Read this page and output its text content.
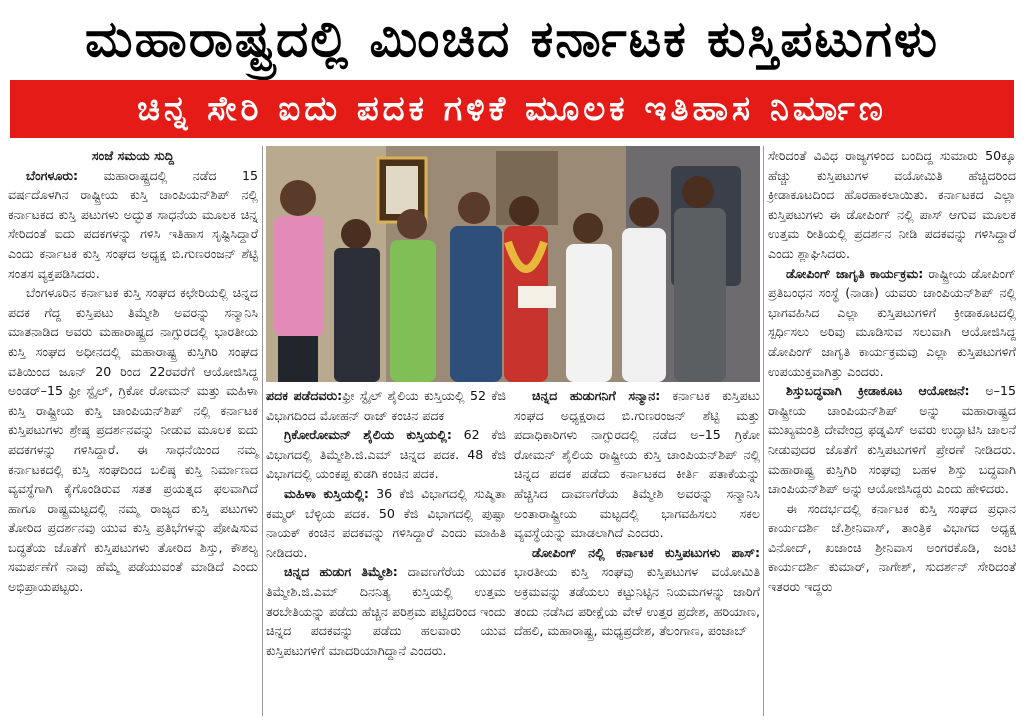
ಮಹಾರಾಷ್ಟ್ರದಲ್ಲಿ ಮಿಂಚಿದ ಕರ್ನಾಟಕ ಕುಸ್ತಿಪಟುಗಳು
ಚಿನ್ನ ಸೇರಿ ಐದು ಪದಕ ಗಳಿಕೆ ಮೂಲಕ ಇತಿಹಾಸ ನಿರ್ಮಾಣ

ಸಂಜೆ ಸಮಯ ಸುದ್ದಿ

ಬೆಂಗಳೂರು: ಮಹಾರಾಷ್ಟ್ರದಲ್ಲಿ ನಡೆದ 15 ವರ್ಷದೊಳಗಿನ ರಾಷ್ಟ್ರೀಯ ಕುಸ್ತಿ ಚಾಂಪಿಯನ್‌ಶಿಪ್ ನಲ್ಲಿ ಕರ್ನಾಟಕದ ಕುಸ್ತಿ ಪಟುಗಳು ಅದ್ಭುತ ಸಾಧನೆಯ ಮೂಲಕ ಚಿನ್ನ ಸೇರಿದಂತೆ ಐದು ಪದಕಗಳನ್ನು ಗಳಿಸಿ ಇತಿಹಾಸ ಸೃಷ್ಟಿಸಿದ್ದಾರೆ ಎಂದು ಕರ್ನಾಟಕ ಕುಸ್ತಿ ಸಂಘದ ಅಧ್ಯಕ್ಷ ಬಿ.ಗುಣರಂಜನ್ ಶೆಟ್ಟಿ ಸಂತಸ ವ್ಯಕ್ತಪಡಿಸಿದರು.

ಬೆಂಗಳೂರಿನ ಕರ್ನಾಟಕ ಕುಸ್ತಿ ಸಂಘದ ಕಛೇರಿಯಲ್ಲಿ ಚಿನ್ನದ ಪದಕ ಗೆದ್ದ ಕುಸ್ತಿಪಟು ತಿಮ್ಮೇಶಿ ಅವರನ್ನು ಸನ್ಮಾನಿಸಿ ಮಾತನಾಡಿದ ಅವರು ಮಹಾರಾಷ್ಟ್ರದ ನಾಗ್ಪುರದಲ್ಲಿ ಭಾರತೀಯ ಕುಸ್ತಿ ಸಂಘದ ಅಧೀನದಲ್ಲಿ ಮಹಾರಾಷ್ಟ್ರ ಕುಸ್ತಿಗಿರಿ ಸಂಘದ ವತಿಯಿಂದ ಜೂನ್ 20 ರಿಂದ 22ರವರೆಗೆ ಆಯೋಜಿಸಿದ್ದ ಅಂಡರ್–15 ಫ್ರೀ ಸ್ಟೈಲ್, ಗ್ರಿಕೋ ರೋಮನ್ ಮತ್ತು ಮಹಿಳಾ ಕುಸ್ತಿ ರಾಷ್ಟ್ರೀಯ ಕುಸ್ತಿ ಚಾಂಪಿಯನ್‌ಶಿಪ್ ನಲ್ಲಿ ಕರ್ನಾಟಕ ಕುಸ್ತಿಪಟುಗಳು ಶ್ರೇಷ್ಠ ಪ್ರದರ್ಶನವನ್ನು ನೀಡುವ ಮೂಲಕ ಐದು ಪದಕಗಳನ್ನು ಗಳಿಸಿದ್ದಾರೆ. ಈ ಸಾಧನೆಯಿಂದ ನಮ್ಮ ಕರ್ನಾಟಕದಲ್ಲಿ ಕುಸ್ತಿ ಸಂಘದಿಂದ ಬಲಿಷ್ಠ ಕುಸ್ತಿ ನಿರ್ಮಾಣದ ವ್ಯವಸ್ಥೆಗಾಗಿ ಕೈಗೊಂಡಿರುವ ಸತತ ಪ್ರಯತ್ನದ ಫಲವಾಗಿದೆ ಹಾಗೂ ರಾಷ್ಟ್ರಮಟ್ಟದಲ್ಲಿ ನಮ್ಮ ರಾಜ್ಯದ ಕುಸ್ತಿ ಪಟುಗಳು ತೋರಿದ ಪ್ರದರ್ಶನವು ಯುವ ಕುಸ್ತಿ ಪ್ರತಿಭೆಗಳನ್ನು ಪೋಷಿಸುವ ಬದ್ಧತೆಯ ಜೊತೆಗೆ ಕುಸ್ತಿಪಟುಗಳು ತೋರಿದ ಶಿಸ್ತು, ಕೌಶಲ್ಯ ಸಮರ್ಪಣೆಗೆ ನಾವು ಹೆಮ್ಮೆ ಪಡೆಯುವಂತೆ ಮಾಡಿದೆ ಎಂದು ಅಭಿಪ್ರಾಯಪಟ್ಟರು.

ಪದಕ ಪಡೆದವರು:ಫ್ರೀ ಸ್ಟೈಲ್ ಶೈಲಿಯ ಕುಸ್ತಿಯಲ್ಲಿ 52 ಕೆಜಿ ವಿಭಾಗದಿಂದ ಮೋಹನ್ ರಾಜ್ ಕಂಚಿನ ಪದಕ

ಗ್ರಿಕೋರೋಮನ್ ಶೈಲಿಯ ಕುಸ್ತಿಯಲ್ಲಿ: 62 ಕೆಜಿ ವಿಭಾಗದಲ್ಲಿ ತಿಮ್ಮೇಶಿ.ಜಿ.ಎಮ್ ಚಿನ್ನದ ಪದಕ. 48 ಕೆಜಿ ವಿಭಾಗದಲ್ಲಿ ಯಂಕಪ್ಪ ಕುಡಗಿ ಕಂಚಿನ ಪದಕ.

ಮಹಿಳಾ ಕುಸ್ತಿಯಲ್ಲಿ: 36 ಕೆಜಿ ವಿಭಾಗದಲ್ಲಿ ಸುಷ್ಮಿತಾ ಕಮ್ಮರ್ ಬೆಳ್ಳಿಯ ಪದಕ. 50 ಕೆಜಿ ವಿಭಾಗದಲ್ಲಿ ಪುಷ್ಪಾ ನಾಯಕ್ ಕಂಚಿನ ಪದಕವನ್ನು ಗಳಿಸಿದ್ದಾರೆ ಎಂದು ಮಾಹಿತಿ ನೀಡಿದರು.

ಚಿನ್ನದ ಹುಡುಗ ತಿಮ್ಮೇಶಿ: ದಾವಣಗೆರೆಯ ಯುವಕ ತಿಮ್ಮೇಶಿ.ಜಿ.ಎಮ್ ದಿನನಿತ್ಯ ಕುಸ್ತಿಯಲ್ಲಿ ಉತ್ತಮ ತರಬೇತಿಯನ್ನು ಪಡೆದು ಹೆಚ್ಚಿನ ಪರಿಶ್ರಮ ಪಟ್ಟಿದರಿಂದ ಇಂದು ಚಿನ್ನದ ಪದಕವನ್ನು ಪಡೆದು ಹಲವಾರು ಯುವ ಕುಸ್ತಿಪಟುಗಳಿಗೆ ಮಾದರಿಯಾಗಿದ್ದಾನೆ ಎಂದರು.

ಚಿನ್ನದ ಹುಡುಗನಿಗೆ ಸನ್ಮಾನ: ಕರ್ನಾಟಕ ಕುಸ್ತಿಪಟು ಸಂಘದ ಅಧ್ಯಕ್ಷರಾದ ಬಿ.ಗುಣರಂಜನ್ ಶೆಟ್ಟಿ ಮತ್ತು ಪದಾಧಿಕಾರಿಗಳು ನಾಗ್ಪುರದಲ್ಲಿ ನಡೆದ ಅ–15 ಗ್ರಿಕೋ ರೋಮನ್ ಶೈಲಿಯ ರಾಷ್ಟ್ರೀಯ ಕುಸ್ತಿ ಚಾಂಪಿಯನ್‌ಶಿಪ್ ನಲ್ಲಿ ಚಿನ್ನದ ಪದಕ ಪಡೆದು ಕರ್ನಾಟಕದ ಕೀರ್ತಿ ಪತಾಕೆಯನ್ನು ಹೆಚ್ಚಿಸಿದ ದಾವಣಗೆರೆಯ ತಿಮ್ಮೇಶಿ ಅವರನ್ನು ಸನ್ಮಾನಿಸಿ ಅಂತಾರಾಷ್ಟ್ರೀಯ ಮಟ್ಟದಲ್ಲಿ ಭಾಗವಹಿಸಲು ಸಕಲ ವ್ಯವಸ್ಥೆಯನ್ನು ಮಾಡಲಾಗಿದೆ ಎಂದರು.

ಡೋಪಿಂಗ್ ನಲ್ಲಿ ಕರ್ನಾಟಕ ಕುಸ್ತಿಪಟುಗಳು ಪಾಸ್: ಭಾರತೀಯ ಕುಸ್ತಿ ಸಂಘವು ಕುಸ್ತಿಪಟುಗಳ ವಯೋಮಿತಿ ಅಕ್ರಮವನ್ನು ತಡೆಯಲು ಕಟ್ಟುನಿಟ್ಟಿನ ನಿಯಮಗಳನ್ನು ಜಾರಿಗೆ ತಂದು ನಡೆಸಿದ ಪರೀಕ್ಷೆಯ ವೇಳೆ ಉತ್ತರ ಪ್ರದೇಶ, ಹರಿಯಾಣ, ದೆಹಲಿ, ಮಹಾರಾಷ್ಟ್ರ, ಮಧ್ಯಪ್ರದೇಶ, ತೆಲಂಗಾಣ, ಪಂಜಾಬ್

ಸೇರಿದಂತೆ ವಿವಿಧ ರಾಜ್ಯಗಳಿಂದ ಬಂದಿದ್ದ ಸುಮಾರು 50ಕ್ಕೂ ಹೆಚ್ಚು ಕುಸ್ತಿಪಟುಗಳ ವಯೋಮಿತಿ ಹೆಚ್ಚಿದರಿಂದ ಕ್ರೀಡಾಕೂಟದಿಂದ ಹೊರಹಾಕಲಾಯಿತು. ಕರ್ನಾಟಕದ ಎಲ್ಲಾ ಕುಸ್ತಿಪಟುಗಳು ಈ ಡೋಪಿಂಗ್ ನಲ್ಲಿ ಪಾಸ್ ಆಗುವ ಮೂಲಕ ಉತ್ತಮ ರೀತಿಯಲ್ಲಿ ಪ್ರದರ್ಶನ ನೀಡಿ ಪದಕವನ್ನು ಗಳಿಸಿದ್ದಾರೆ ಎಂದು ಶ್ಲಾಘಿಸಿದರು.

ಡೋಪಿಂಗ್ ಜಾಗೃತಿ ಕಾರ್ಯಕ್ರಮ: ರಾಷ್ಟ್ರೀಯ ಡೋಪಿಂಗ್ ಪ್ರತಿಬಂಧನ ಸಂಸ್ಥೆ (ನಾಡಾ) ಯವರು ಚಾಂಪಿಯನ್‌ಶಿಪ್ ನಲ್ಲಿ ಭಾಗವಹಿಸಿದ ಎಲ್ಲಾ ಕುಸ್ತಿಪಟುಗಳಿಗೆ ಕ್ರೀಡಾಕೂಟದಲ್ಲಿ ಸ್ಪರ್ಧಿಸಲು ಅರಿವು ಮೂಡಿಸುವ ಸಲುವಾಗಿ ಆಯೋಜಿಸಿದ್ದ ಡೋಪಿಂಗ್ ಜಾಗೃತಿ ಕಾರ್ಯಕ್ರಮವು ಎಲ್ಲಾ ಕುಸ್ತಿಪಟುಗಳಿಗೆ ಉಪಯುಕ್ತವಾಗಿತ್ತು ಎಂದರು.

ಶಿಸ್ತುಬದ್ಧವಾಗಿ ಕ್ರೀಡಾಕೂಟ ಆಯೋಜನೆ: ಅ–15 ರಾಷ್ಟ್ರೀಯ ಚಾಂಪಿಯನ್‌ಶಿಪ್ ಅನ್ನು ಮಹಾರಾಷ್ಟ್ರದ ಮುಖ್ಯಮಂತ್ರಿ ದೇವೇಂದ್ರ ಫಡ್ನವಿಸ್ ಅವರು ಉದ್ಘಾಟಿಸಿ ಚಾಲನೆ ನೀಡುವುದರ ಜೊತೆಗೆ ಕುಸ್ತಿಪಟುಗಳಿಗೆ ಪ್ರೇರಣೆ ನೀಡಿದರು. ಮಹಾರಾಷ್ಟ್ರ ಕುಸ್ತಿಗಿರಿ ಸಂಘವು ಬಹಳ ಶಿಸ್ತು ಬದ್ಧವಾಗಿ ಚಾಂಪಿಯನ್‌ಶಿಪ್ ಅನ್ನು ಆಯೋಜಿಸಿದ್ದರು ಎಂದು ಹೇಳಿದರು.

ಈ ಸಂದರ್ಭದಲ್ಲಿ ಕರ್ನಾಟಕ ಕುಸ್ತಿ ಸಂಘದ ಪ್ರಧಾನ ಕಾರ್ಯದರ್ಶಿ ಜೆ.ಶ್ರೀನಿವಾಸ್, ತಾಂತ್ರಿಕ ವಿಭಾಗದ ಅಧ್ಯಕ್ಷ ವಿನೋದ್, ಖಜಾಂಚಿ ಶ್ರೀನಿವಾಸ ಅಂಗರಕೊಡಿ, ಜಂಟಿ ಕಾರ್ಯದರ್ಶಿ ಕುಮಾರ್, ನಾಗೇಶ್, ಸುದರ್ಶನ್ ಸೇರಿದಂತೆ ಇತರರು ಇದ್ದರು
